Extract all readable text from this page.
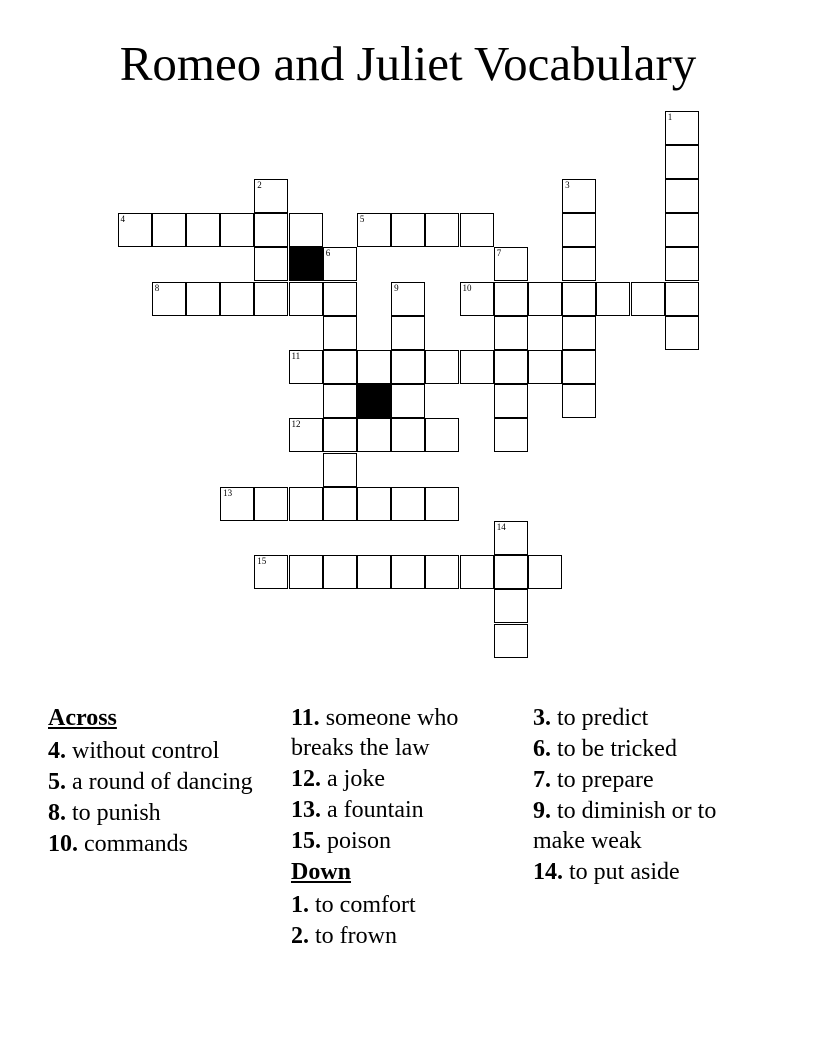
Romeo and Juliet Vocabulary
1
2	3
4	5
6	7
8	9	10
11
12
13
14
15
Across
4. without control
5. a round of dancing
8. to punish
10. commands
11. someone who breaks the law
12. a joke
13. a fountain
15. poison
Down
1. to comfort
2. to frown
3. to predict
6. to be tricked
7. to prepare
9. to diminish or to make weak
14. to put aside
